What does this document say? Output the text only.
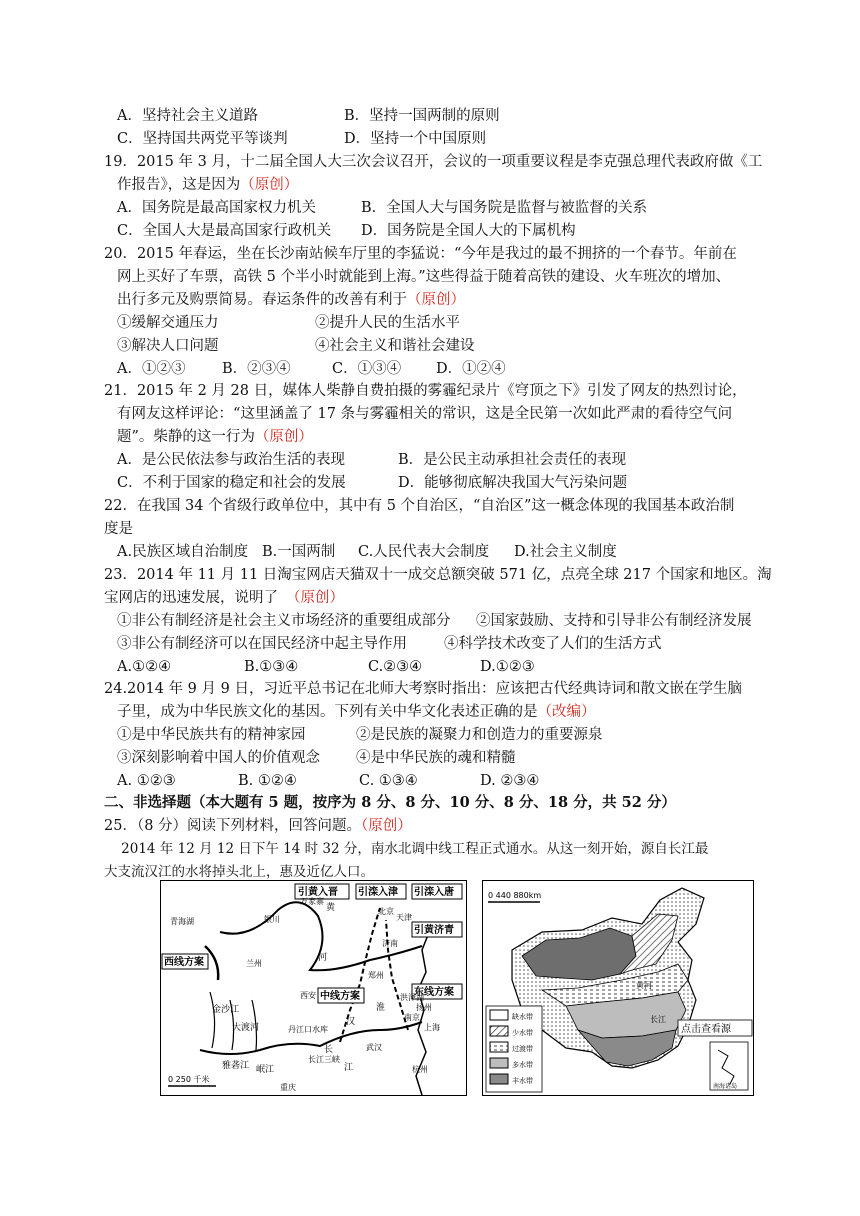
A．坚持社会主义道路	B．坚持一国两制的原则
C．坚持国共两党平等谈判	D．坚持一个中国原则
19．2015 年 3 月，十二届全国人大三次会议召开，会议的一项重要议程是李克强总理代表政府做《工
作报告》，这是因为（原创）
A．国务院是最高国家权力机关	B．全国人大与国务院是监督与被监督的关系
C．全国人大是最高国家行政机关 D．国务院是全国人大的下属机构
20．2015 年春运，坐在长沙南站候车厅里的李猛说：“今年是我过的最不拥挤的一个春节。年前在
网上买好了车票，高铁 5 个半小时就能到上海。”这些得益于随着高铁的建设、火车班次的增加、
出行多元及购票简易。春运条件的改善有利于（原创）
①缓解交通压力	②提升人民的生活水平
③解决人口问题	④社会主义和谐社会建设
A．①②③	B．②③④	C．①③④ D．①②④
21．2015 年 2 月 28 日，媒体人柴静自费拍摄的雾霾纪录片《穹顶之下》引发了网友的热烈讨论，
有网友这样评论：“这里涵盖了 17 条与雾霾相关的常识，这是全民第一次如此严肃的看待空气问
题”。柴静的这一行为（原创）
A．是公民依法参与政治生活的表现	B．是公民主动承担社会责任的表现
C．不利于国家的稳定和社会的发展	D．能够彻底解决我国大气污染问题
22．在我国 34 个省级行政单位中，其中有 5 个自治区，“自治区”这一概念体现的我国基本政治制
度是
A.民族区域自治制度 B.一国两制 C.人民代表大会制度 D.社会主义制度
23．2014 年 11 月 11 日淘宝网店天猫双十一成交总额突破 571 亿，点亮全球 217 个国家和地区。淘
宝网店的迅速发展，说明了 （原创）
①非公有制经济是社会主义市场经济的重要组成部分 ②国家鼓励、支持和引导非公有制经济发展
③非公有制经济可以在国民经济中起主导作用	④科学技术改变了人们的生活方式
A.①②④	B.①③④	C.②③④	D.①②③
24.2014 年 9 月 9 日，习近平总书记在北师大考察时指出：应该把古代经典诗词和散文嵌在学生脑
子里，成为中华民族文化的基因。下列有关中华文化表述正确的是（改编）
①是中华民族共有的精神家园	②是民族的凝聚力和创造力的重要源泉
③深刻影响着中国人的价值观念 ④是中华民族的魂和精髓
A. ①②③	B. ①②④	C. ①③④	D. ②③④
二、非选择题（本大题有 5 题，按序为 8 分、8 分、10 分、8 分、18 分，共 52 分）
25．（8 分）阅读下列材料，回答问题。（原创）
2014 年 12 月 12 日下午 14 时 32 分，南水北调中线工程正式通水。从这一刻开始，源自长江最
大支流汉江的水将掉头北上，惠及近亿人口。
引黄入晋 引滦入津 引滦入唐
引黄济青
西线方案
中线方案	东线方案
青海湖	银川
兰州
西安
郑州
北京
天津
济南
南京
上海
杭州
武汉
重庆
丹江口水库
长江三峡
扬州
洪泽湖
万家寨
黄
河
金沙江
大渡河
雅砻江 岷江
长
江
汉
淮
0 250 千米
0 440 880km
黄河
长江
缺水带
少水带
过渡带
多水带
丰水带
点击查看源
南海诸岛
